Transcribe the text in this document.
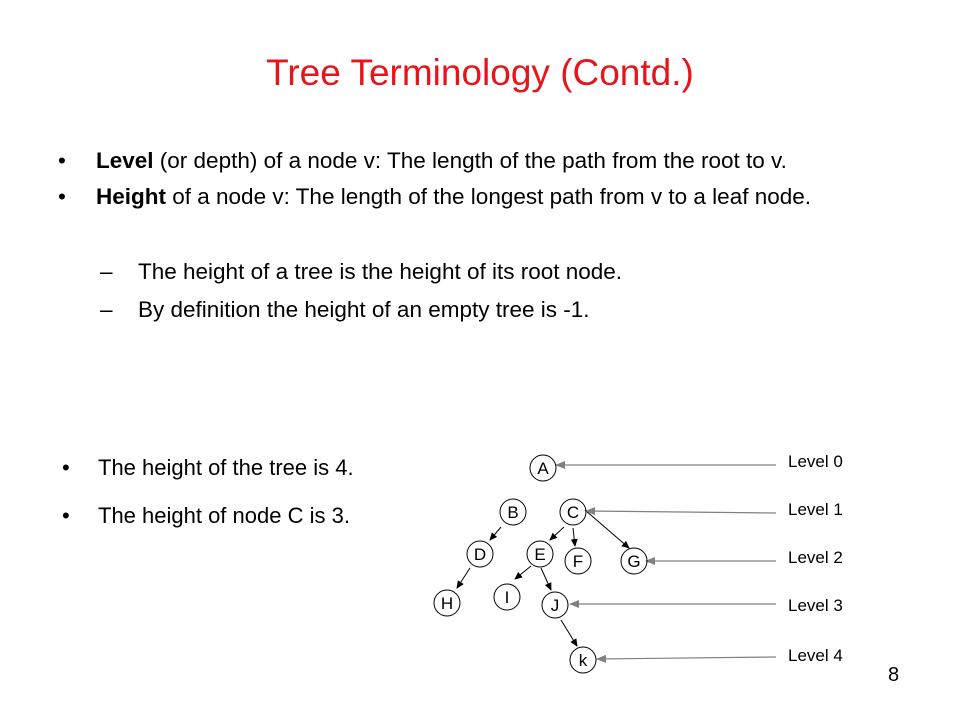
Tree Terminology (Contd.)
• Level (or depth) of a node v: The length of the path from the root to v.
• Height of a node v: The length of the longest path from v to a leaf node.
– The height of a tree is the height of its root node.
– By definition the height of an empty tree is -1.
• The height of the tree is 4.
• The height of node C is 3.
A
B	C
D	E F	G
H	I J
k
Level 0
Level 1
Level 2
Level 3
Level 4
8
